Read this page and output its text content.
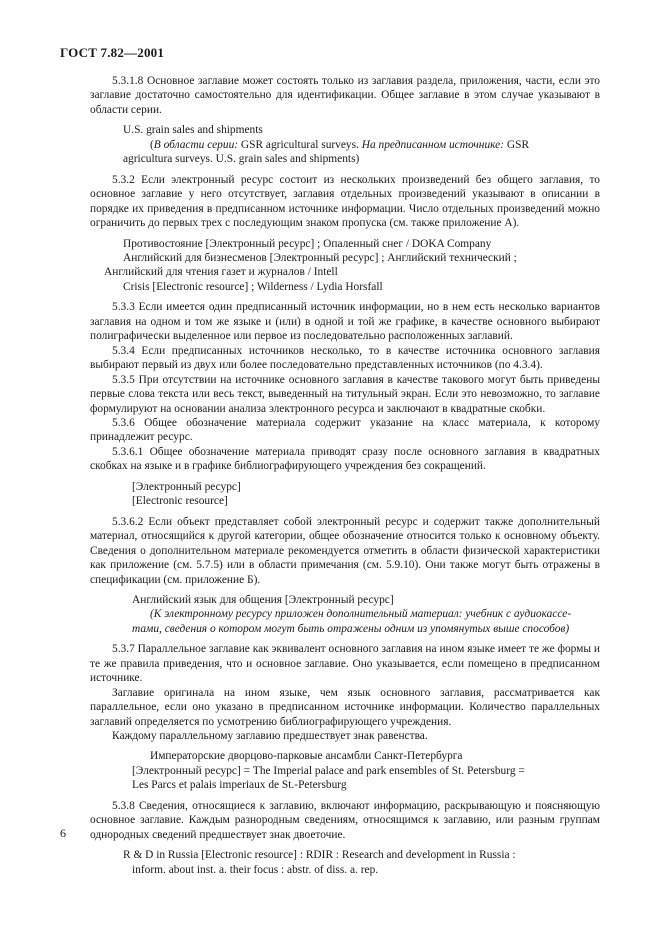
ГОСТ 7.82—2001

5.3.1.8 Основное заглавие может состоять только из заглавия раздела, приложения, части, если это заглавие достаточно самостоятельно для идентификации. Общее заглавие в этом случае указывают в области серии.

U.S. grain sales and shipments

(В области серии: GSR agricultural surveys. На предписанном источнике: GSR

agricultura surveys. U.S. grain sales and shipments)

5.3.2 Если электронный ресурс состоит из нескольких произведений без общего заглавия, то основное заглавие у него отсутствует, заглавия отдельных произведений указывают в описании в порядке их приведения в предписанном источнике информации. Число отдельных произведений можно ограничить до первых трех с последующим знаком пропуска (см. также приложение А).

Противостояние [Электронный ресурс] ; Опаленный снег / DOKA Company

Английский для бизнесменов [Электронный ресурс] ; Английский технический ;

Английский для чтения газет и журналов / Intell

Crisis [Electronic resource] ; Wilderness / Lydia Horsfall

5.3.3 Если имеется один предписанный источник информации, но в нем есть несколько вариантов заглавия на одном и том же языке и (или) в одной и той же графике, в качестве основного выбирают полиграфически выделенное или первое из последовательно расположенных заглавий.

5.3.4 Если предписанных источников несколько, то в качестве источника основного заглавия выбирают первый из двух или более последовательно представленных источников (по 4.3.4).

5.3.5 При отсутствии на источнике основного заглавия в качестве такового могут быть приведены первые слова текста или весь текст, выведенный на титульный экран. Если это невозможно, то заглавие формулируют на основании анализа электронного ресурса и заключают в квадратные скобки.

5.3.6 Общее обозначение материала содержит указание на класс материала, к которому принадлежит ресурс.

5.3.6.1 Общее обозначение материала приводят сразу после основного заглавия в квадратных скобках на языке и в графике библиографирующего учреждения без сокращений.

[Электронный ресурс]

[Electronic resource]

5.3.6.2 Если объект представляет собой электронный ресурс и содержит также дополнительный материал, относящийся к другой категории, общее обозначение относится только к основному объекту. Сведения о дополнительном материале рекомендуется отметить в области физической характеристики как приложение (см. 5.7.5) или в области примечания (см. 5.9.10). Они также могут быть отражены в спецификации (см. приложение Б).

Английский язык для общения [Электронный ресурс]

(К электронному ресурсу приложен дополнительный материал: учебник с аудиокассе-

тами, сведения о котором могут быть отражены одним из упомянутых выше способов)

5.3.7 Параллельное заглавие как эквивалент основного заглавия на ином языке имеет те же формы и те же правила приведения, что и основное заглавие. Оно указывается, если помещено в предписанном источнике.

Заглавие оригинала на ином языке, чем язык основного заглавия, рассматривается как параллельное, если оно указано в предписанном источнике информации. Количество параллельных заглавий определяется по усмотрению библиографирующего учреждения.

Каждому параллельному заглавию предшествует знак равенства.

Императорские дворцово-парковые ансамбли Санкт-Петербурга

[Электронный ресурс] = The Imperial palace and park ensembles of St. Petersburg =

Les Parcs et palais imperiaux de St.-Petersburg

5.3.8 Сведения, относящиеся к заглавию, включают информацию, раскрывающую и поясняющую основное заглавие. Каждым разнородным сведениям, относящимся к заглавию, или разным группам однородных сведений предшествует знак двоеточие.

R & D in Russia [Electronic resource] : RDIR : Research and development in Russia :

inform. about inst. a. their focus : abstr. of diss. a. rep.

6
